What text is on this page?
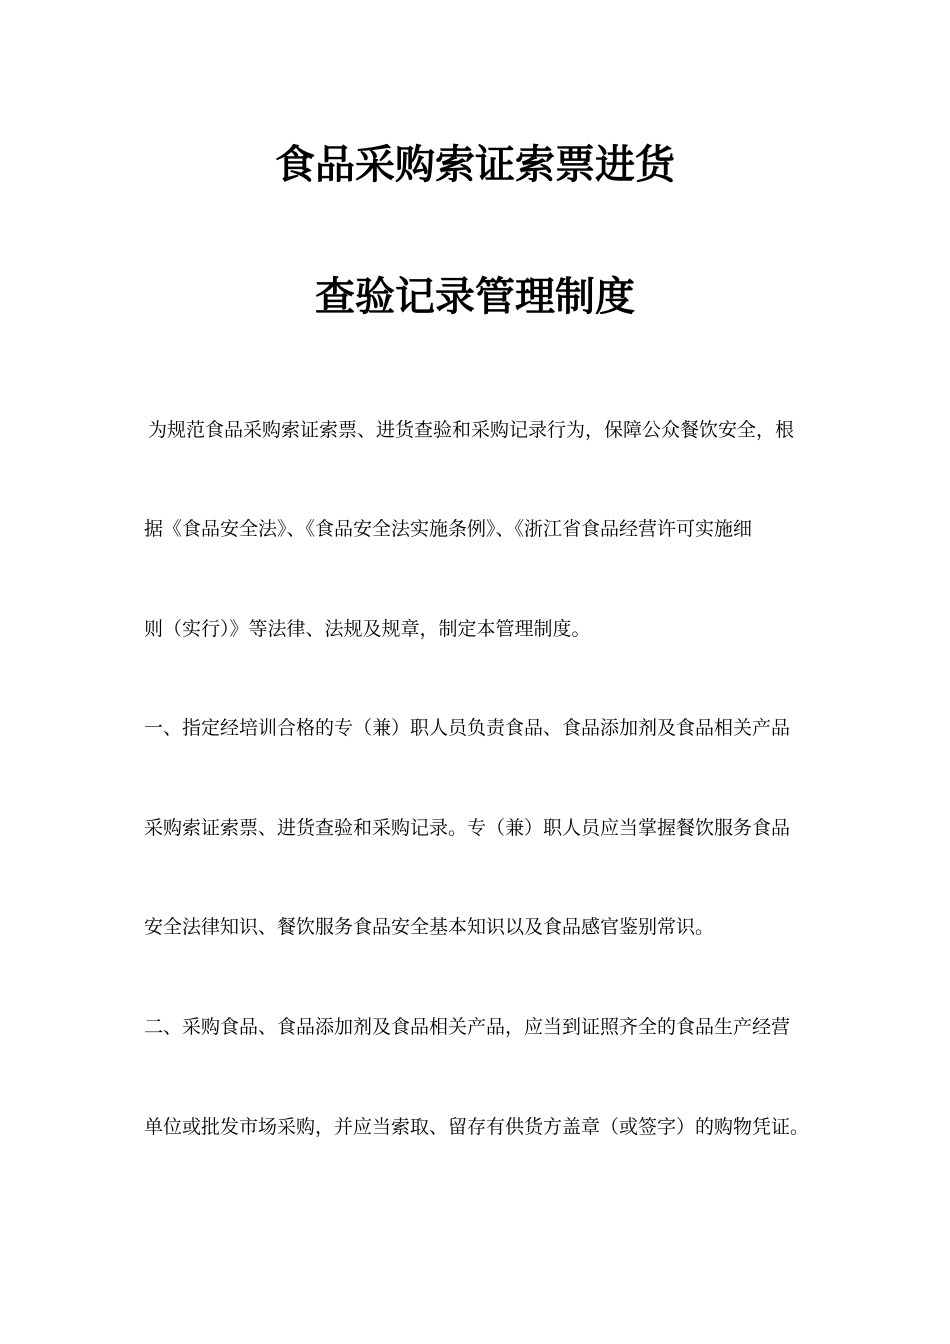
食品采购索证索票进货
查验记录管理制度
为规范食品采购索证索票、进货查验和采购记录行为，保障公众餐饮安全，根
据《食品安全法》、《食品安全法实施条例》、《浙江省食品经营许可实施细
则（实行）》等法律、法规及规章，制定本管理制度。
一、指定经培训合格的专（兼）职人员负责食品、食品添加剂及食品相关产品
采购索证索票、进货查验和采购记录。专（兼）职人员应当掌握餐饮服务食品
安全法律知识、餐饮服务食品安全基本知识以及食品感官鉴别常识。
二、采购食品、食品添加剂及食品相关产品，应当到证照齐全的食品生产经营
单位或批发市场采购，并应当索取、留存有供货方盖章（或签字）的购物凭证。
